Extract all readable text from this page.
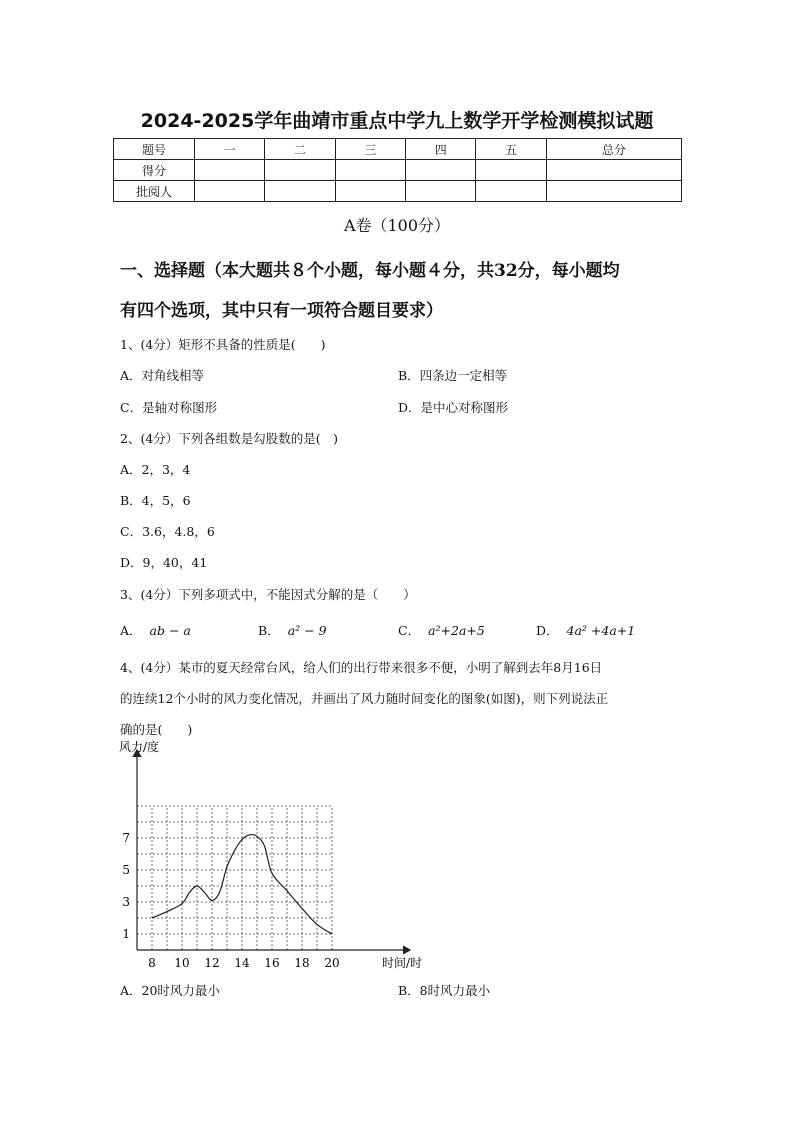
2024-2025学年曲靖市重点中学九上数学开学检测模拟试题
题号	一	二	三	四	五	总分
得分						
批阅人						
A卷（100分）
一、选择题（本大题共８个小题，每小题４分，共32分，每小题均
有四个选项，其中只有一项符合题目要求）
1、(4分）矩形不具备的性质是(　　)
A．对角线相等	B．四条边一定相等
C．是轴对称图形	D．是中心对称图形
2、(4分）下列各组数是勾股数的是(　)
A．2，3，4
B．4，5，6
C．3.6，4.8，6
D．9，40，41
3、(4分）下列多项式中，不能因式分解的是（　　）
A． ab − a	B． a² − 9	C． a²+2a+5	D． 4a² +4a+1
4、(4分）某市的夏天经常台风，给人们的出行带来很多不便，小明了解到去年8月16日
的连续12个小时的风力变化情况，并画出了风力随时间变化的图象(如图)，则下列说法正
确的是(　　)
风力/度
时间/时
8 10 12 14 16 18 20
1
3
5
7
A．20时风力最小	B．8时风力最小
